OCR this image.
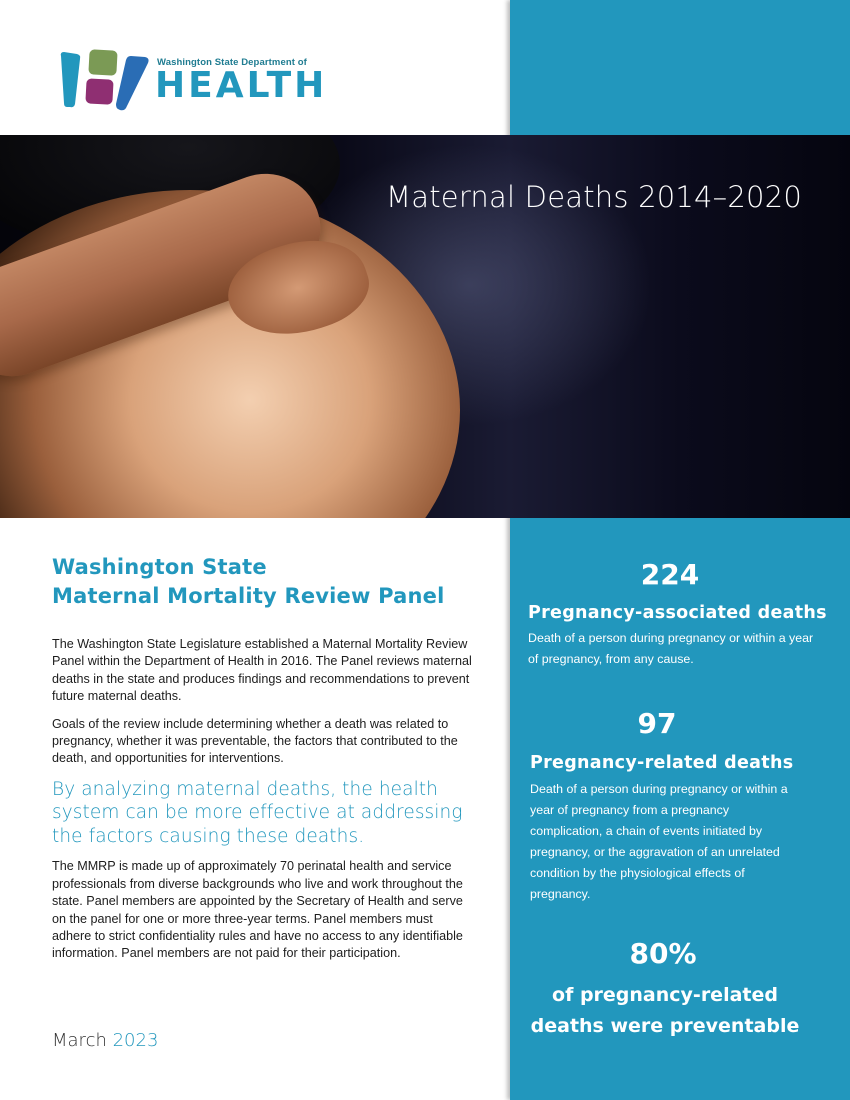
Washington State Department of
HEALTH
Maternal Deaths 2014–2020
Washington State
Maternal Mortality Review Panel

The Washington State Legislature established a Maternal Mortality Review Panel within the Department of Health in 2016. The Panel reviews maternal deaths in the state and produces findings and recommendations to prevent future maternal deaths.

Goals of the review include determining whether a death was related to pregnancy, whether it was preventable, the factors that contributed to the death, and opportunities for interventions.

By analyzing maternal deaths, the health system can be more effective at addressing the factors causing these deaths.

The MMRP is made up of approximately 70 perinatal health and service professionals from diverse backgrounds who live and work throughout the state. Panel members are appointed by the Secretary of Health and serve on the panel for one or more three-year terms. Panel members must adhere to strict confidentiality rules and have no access to any identifiable information. Panel members are not paid for their participation.

March 2023
224
Pregnancy-associated deaths
Death of a person during pregnancy or within a year of pregnancy, from any cause.
97
Pregnancy-related deaths
Death of a person during pregnancy or within a year of pregnancy from a pregnancy complication, a chain of events initiated by pregnancy, or the aggravation of an unrelated condition by the physiological effects of pregnancy.
80%
of pregnancy-related
deaths were preventable
